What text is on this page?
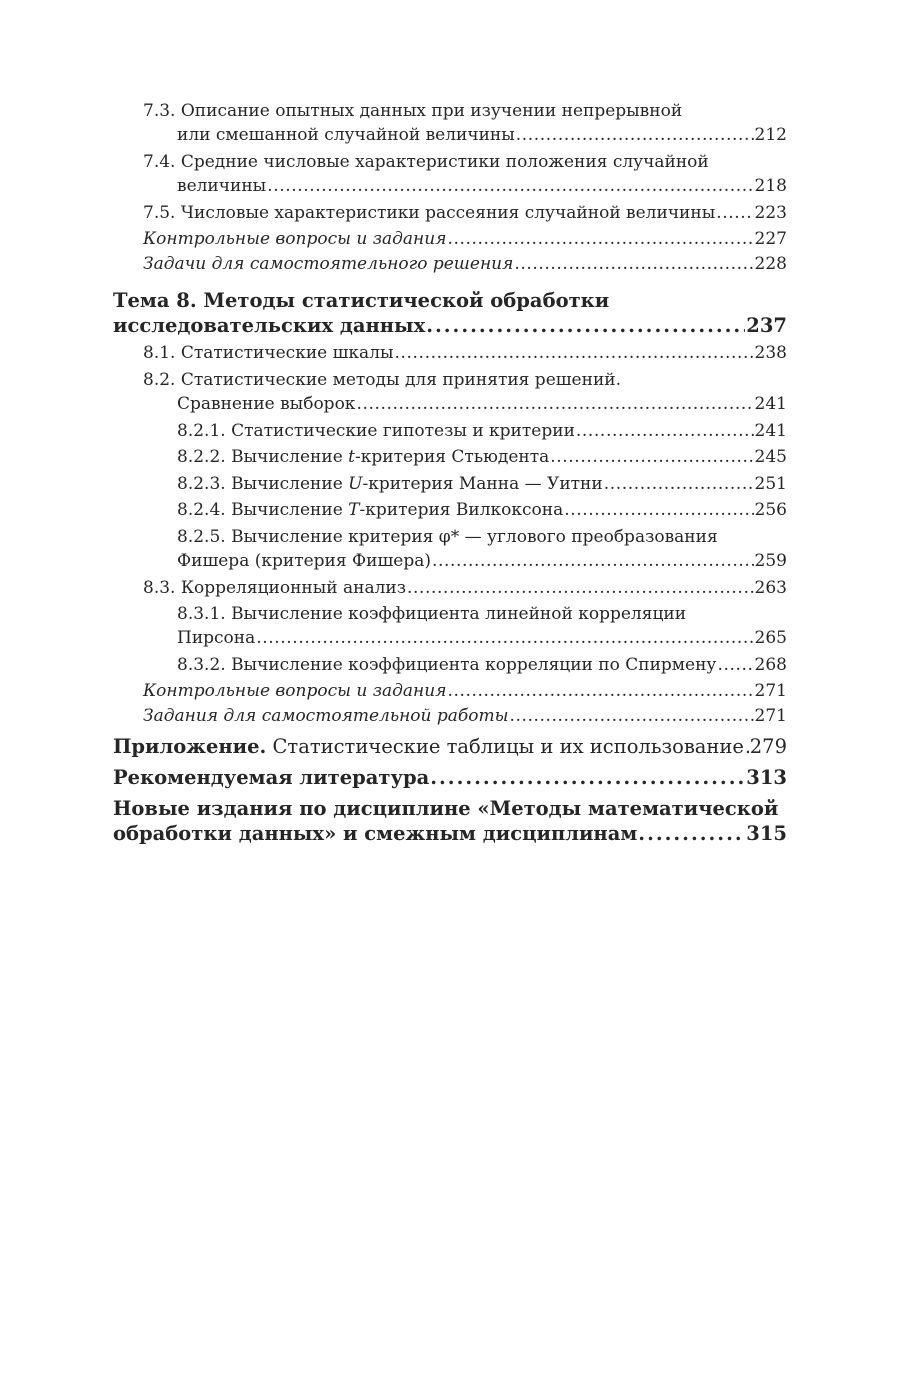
7.3. Описание опытных данных при изучении непрерывной
или смешанной случайной величины . . .	212
7.4. Средние числовые характеристики положения случайной
величины . . .	218
7.5. Числовые характеристики рассеяния случайной величины . . . 223
Контрольные вопросы и задания . . .	227
Задачи для самостоятельного решения . . .	228
Тема 8. Методы статистической обработки
исследовательских данных . . .	237
8.1. Статистические шкалы . . .	238
8.2. Статистические методы для принятия решений.
Сравнение выборок . . .	241
8.2.1. Статистические гипотезы и критерии . . .	241
8.2.2. Вычисление t-критерия Стьюдента . . .	245
8.2.3. Вычисление U-критерия Манна — Уитни . . .	251
8.2.4. Вычисление T-критерия Вилкоксона . . .	256
8.2.5. Вычисление критерия φ* — углового преобразования
Фишера (критерия Фишера) . . .	259
8.3. Корреляционный анализ . . .	263
8.3.1. Вычисление коэффициента линейной корреляции
Пирсона . . .	265
8.3.2. Вычисление коэффициента корреляции по Спирмену . . . 268
Контрольные вопросы и задания . . .	271
Задания для самостоятельной работы . . .	271
Приложение. Статистические таблицы и их использование . . . 279
Рекомендуемая литература . . .	313
Новые издания по дисциплине «Методы математической
обработки данных» и смежным дисциплинам . . .	315
